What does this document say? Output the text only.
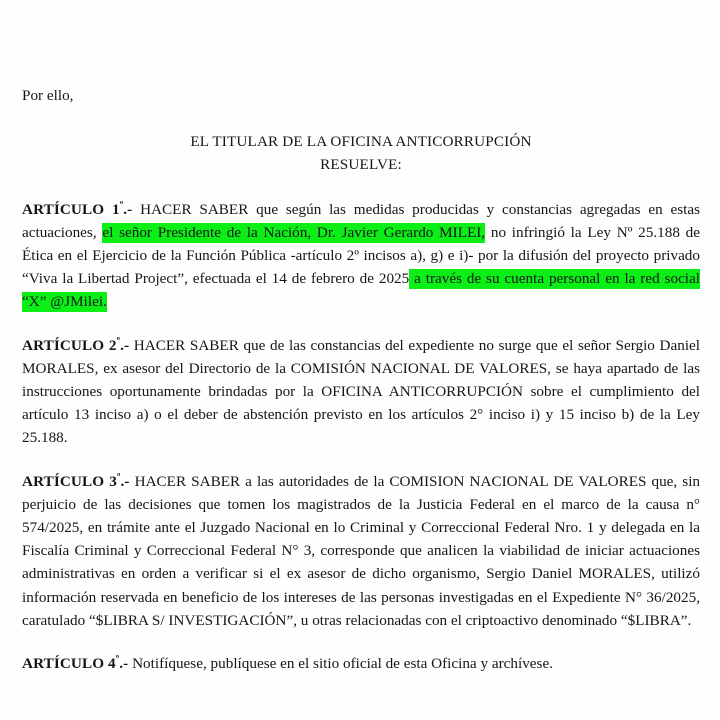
Por ello,

EL TITULAR DE LA OFICINA ANTICORRUPCIÓN
RESUELVE:

ARTÍCULO $1^º.-$ HACER SABER que según las medidas producidas y constancias agregadas en estas actuaciones, el señor Presidente de la Nación, Dr. Javier Gerardo MILEI, no infringió la Ley Nº 25.188 de Ética en el Ejercicio de la Función Pública -artículo 2º incisos a), g) e i)- por la difusión del proyecto privado “Viva la Libertad Project”, efectuada el 14 de febrero de 2025 a través de su cuenta personal en la red social “X” @JMilei.

ARTÍCULO $2^º.-$ HACER SABER que de las constancias del expediente no surge que el señor Sergio Daniel MORALES, ex asesor del Directorio de la COMISIÓN NACIONAL DE VALORES, se haya apartado de las instrucciones oportunamente brindadas por la OFICINA ANTICORRUPCIÓN sobre el cumplimiento del artículo 13 inciso a) o el deber de abstención previsto en los artículos 2° inciso i) y 15 inciso b) de la Ley 25.188.

ARTÍCULO $3^º.-$ HACER SABER a las autoridades de la COMISION NACIONAL DE VALORES que, sin perjuicio de las decisiones que tomen los magistrados de la Justicia Federal en el marco de la causa n° 574/2025, en trámite ante el Juzgado Nacional en lo Criminal y Correccional Federal Nro. 1 y delegada en la Fiscalía Criminal y Correccional Federal N° 3, corresponde que analicen la viabilidad de iniciar actuaciones administrativas en orden a verificar si el ex asesor de dicho organismo, Sergio Daniel MORALES, utilizó información reservada en beneficio de los intereses de las personas investigadas en el Expediente N° 36/2025, caratulado “$LIBRA S/ INVESTIGACIÓN”, u otras relacionadas con el criptoactivo denominado “$LIBRA”.

ARTÍCULO $4^º.-$ Notifíquese, publíquese en el sitio oficial de esta Oficina y archívese.
